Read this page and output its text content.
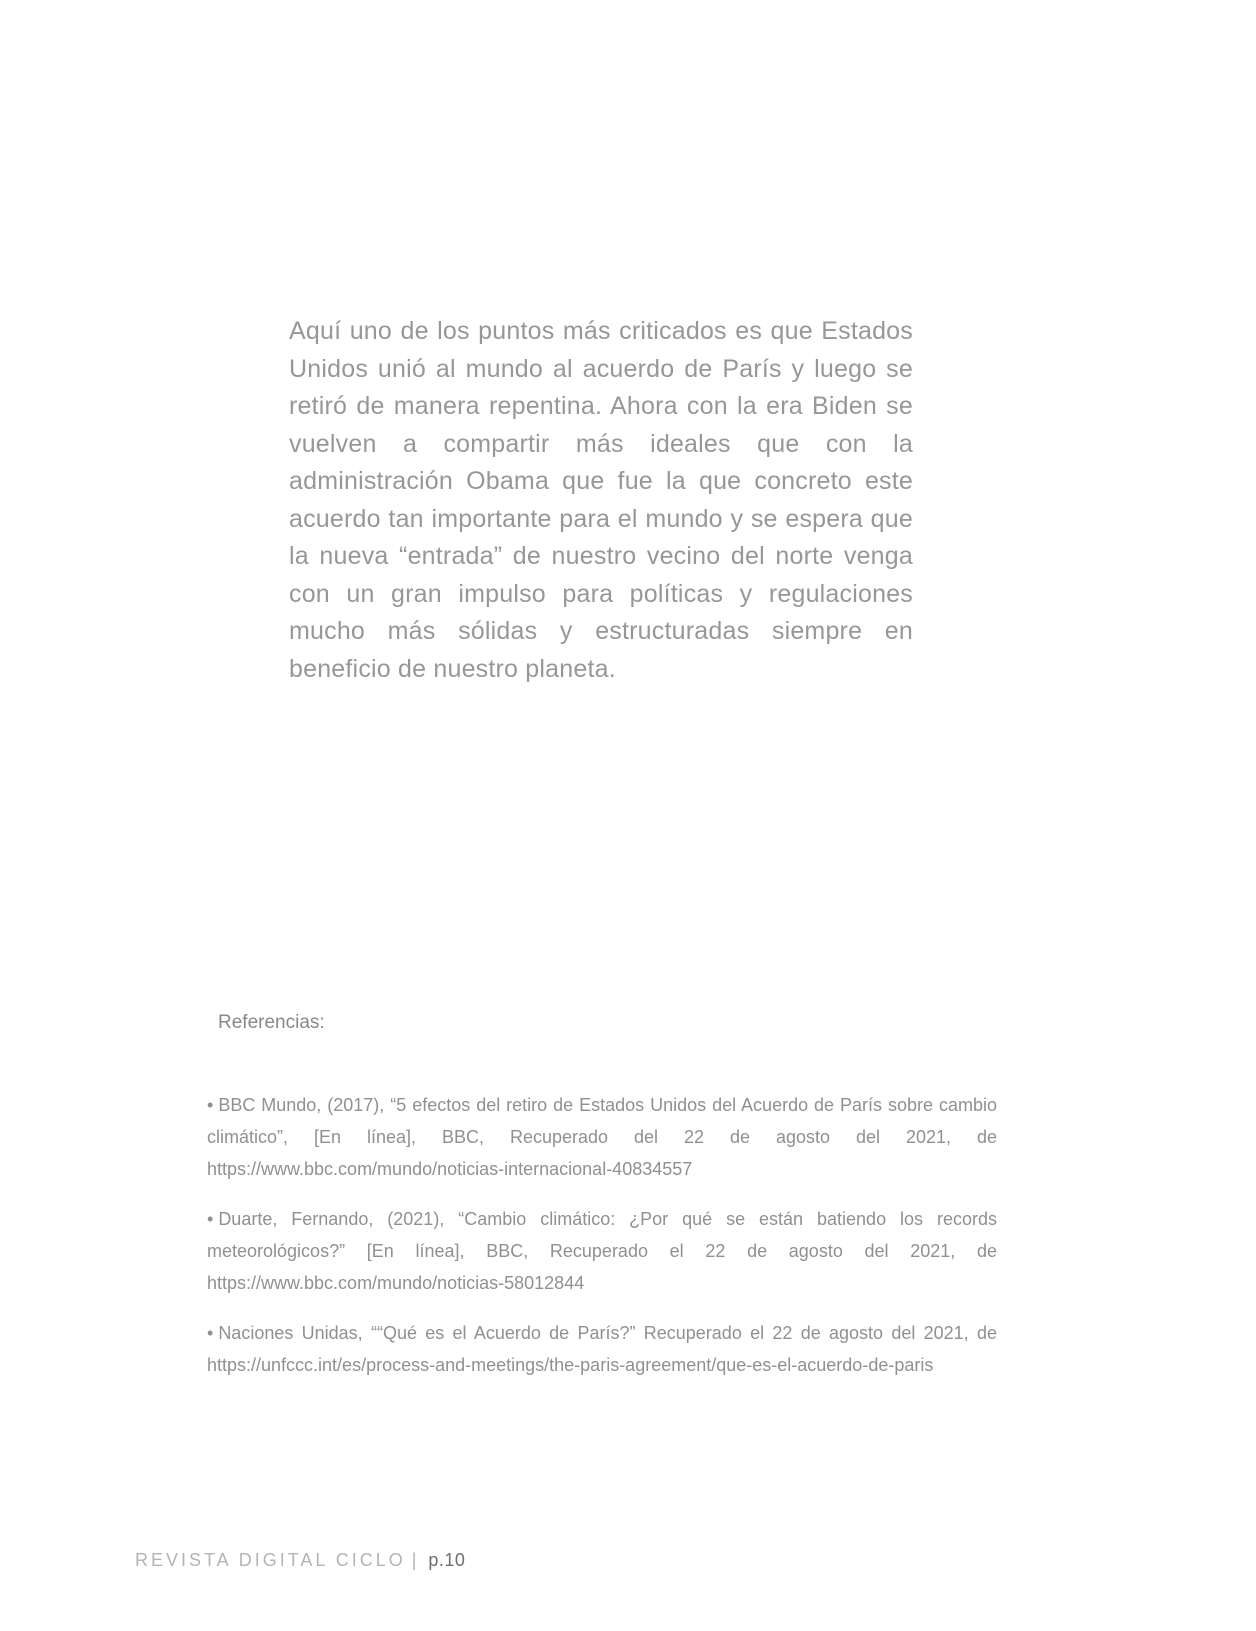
Aquí uno de los puntos más criticados es que Estados Unidos unió al mundo al acuerdo de París y luego se retiró de manera repentina. Ahora con la era Biden se vuelven a compartir más ideales que con la administración Obama que fue la que concreto este acuerdo tan importante para el mundo y se espera que la nueva “entrada” de nuestro vecino del norte venga con un gran impulso para políticas y regulaciones mucho más sólidas y estructuradas siempre en beneficio de nuestro planeta.

Referencias:

• BBC Mundo, (2017), “5 efectos del retiro de Estados Unidos del Acuerdo de París sobre cambio climático”, [En línea], BBC, Recuperado del 22 de agosto del 2021, de https://www.bbc.com/mundo/noticias-internacional-40834557

• Duarte, Fernando, (2021), “Cambio climático: ¿Por qué se están batiendo los records meteorológicos?” [En línea], BBC, Recuperado el 22 de agosto del 2021, de https://www.bbc.com/mundo/noticias-58012844

• Naciones Unidas, ““Qué es el Acuerdo de París?” Recuperado el 22 de agosto del 2021, de https://unfccc.int/es/process-and-meetings/the-paris-agreement/que-es-el-acuerdo-de-paris

REVISTA DIGITAL CICLO | p.10
